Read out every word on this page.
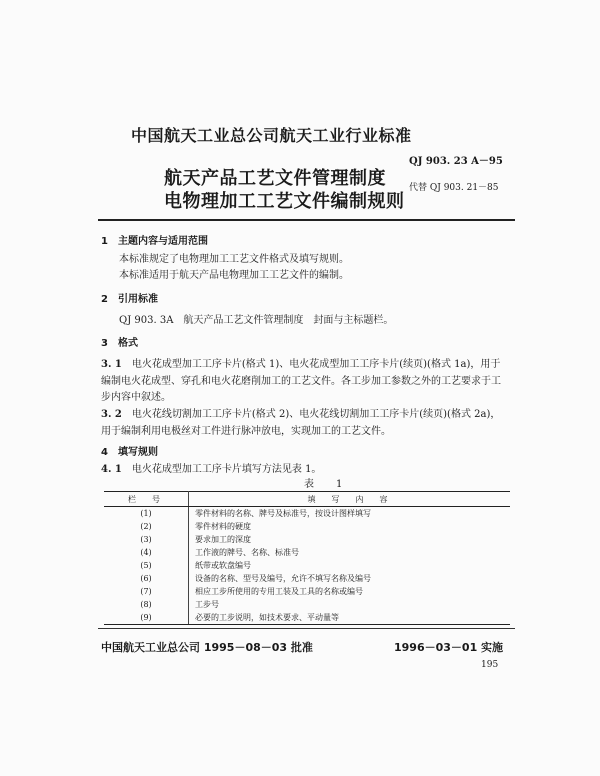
中国航天工业总公司航天工业行业标准
QJ 903. 23 A－95
航天产品工艺文件管理制度
电物理加工工艺文件编制规则
代替 QJ 903. 21－85
1　主题内容与适用范围
本标准规定了电物理加工工艺文件格式及填写规则。
本标准适用于航天产品电物理加工工艺文件的编制。
2　引用标准
QJ 903. 3A　航天产品工艺文件管理制度　封面与主标题栏。
3　格式
3. 1　 电火花成型加工工序卡片(格式 1)、电火花成型加工工序卡片(续页)(格式 1a)，用于
编制电火花成型、穿孔和电火花磨削加工的工艺文件。各工步加工参数之外的工艺要求于工
步内容中叙述。
3. 2　 电火花线切割加工工序卡片(格式 2)、电火花线切割加工工序卡片(续页)(格式 2a)，
用于编制利用电极丝对工件进行脉冲放电，实现加工的工艺文件。
4　填写规则
4. 1　 电火花成型加工工序卡片填写方法见表 1。
表　1
栏　号	填　写　内　容
(1)	零件材料的名称、牌号及标准号，按设计图样填写
(2)	零件材料的硬度
(3)	要求加工的深度
(4)	工作液的牌号、名称、标准号
(5)	纸带或软盘编号
(6)	设备的名称、型号及编号，允许不填写名称及编号
(7)	相应工步所使用的专用工装及工具的名称或编号
(8)	工步号
(9)	必要的工步说明，如技术要求、平动量等
中国航天工业总公司 1995－08－03 批准	1996－03－01 实施
195
